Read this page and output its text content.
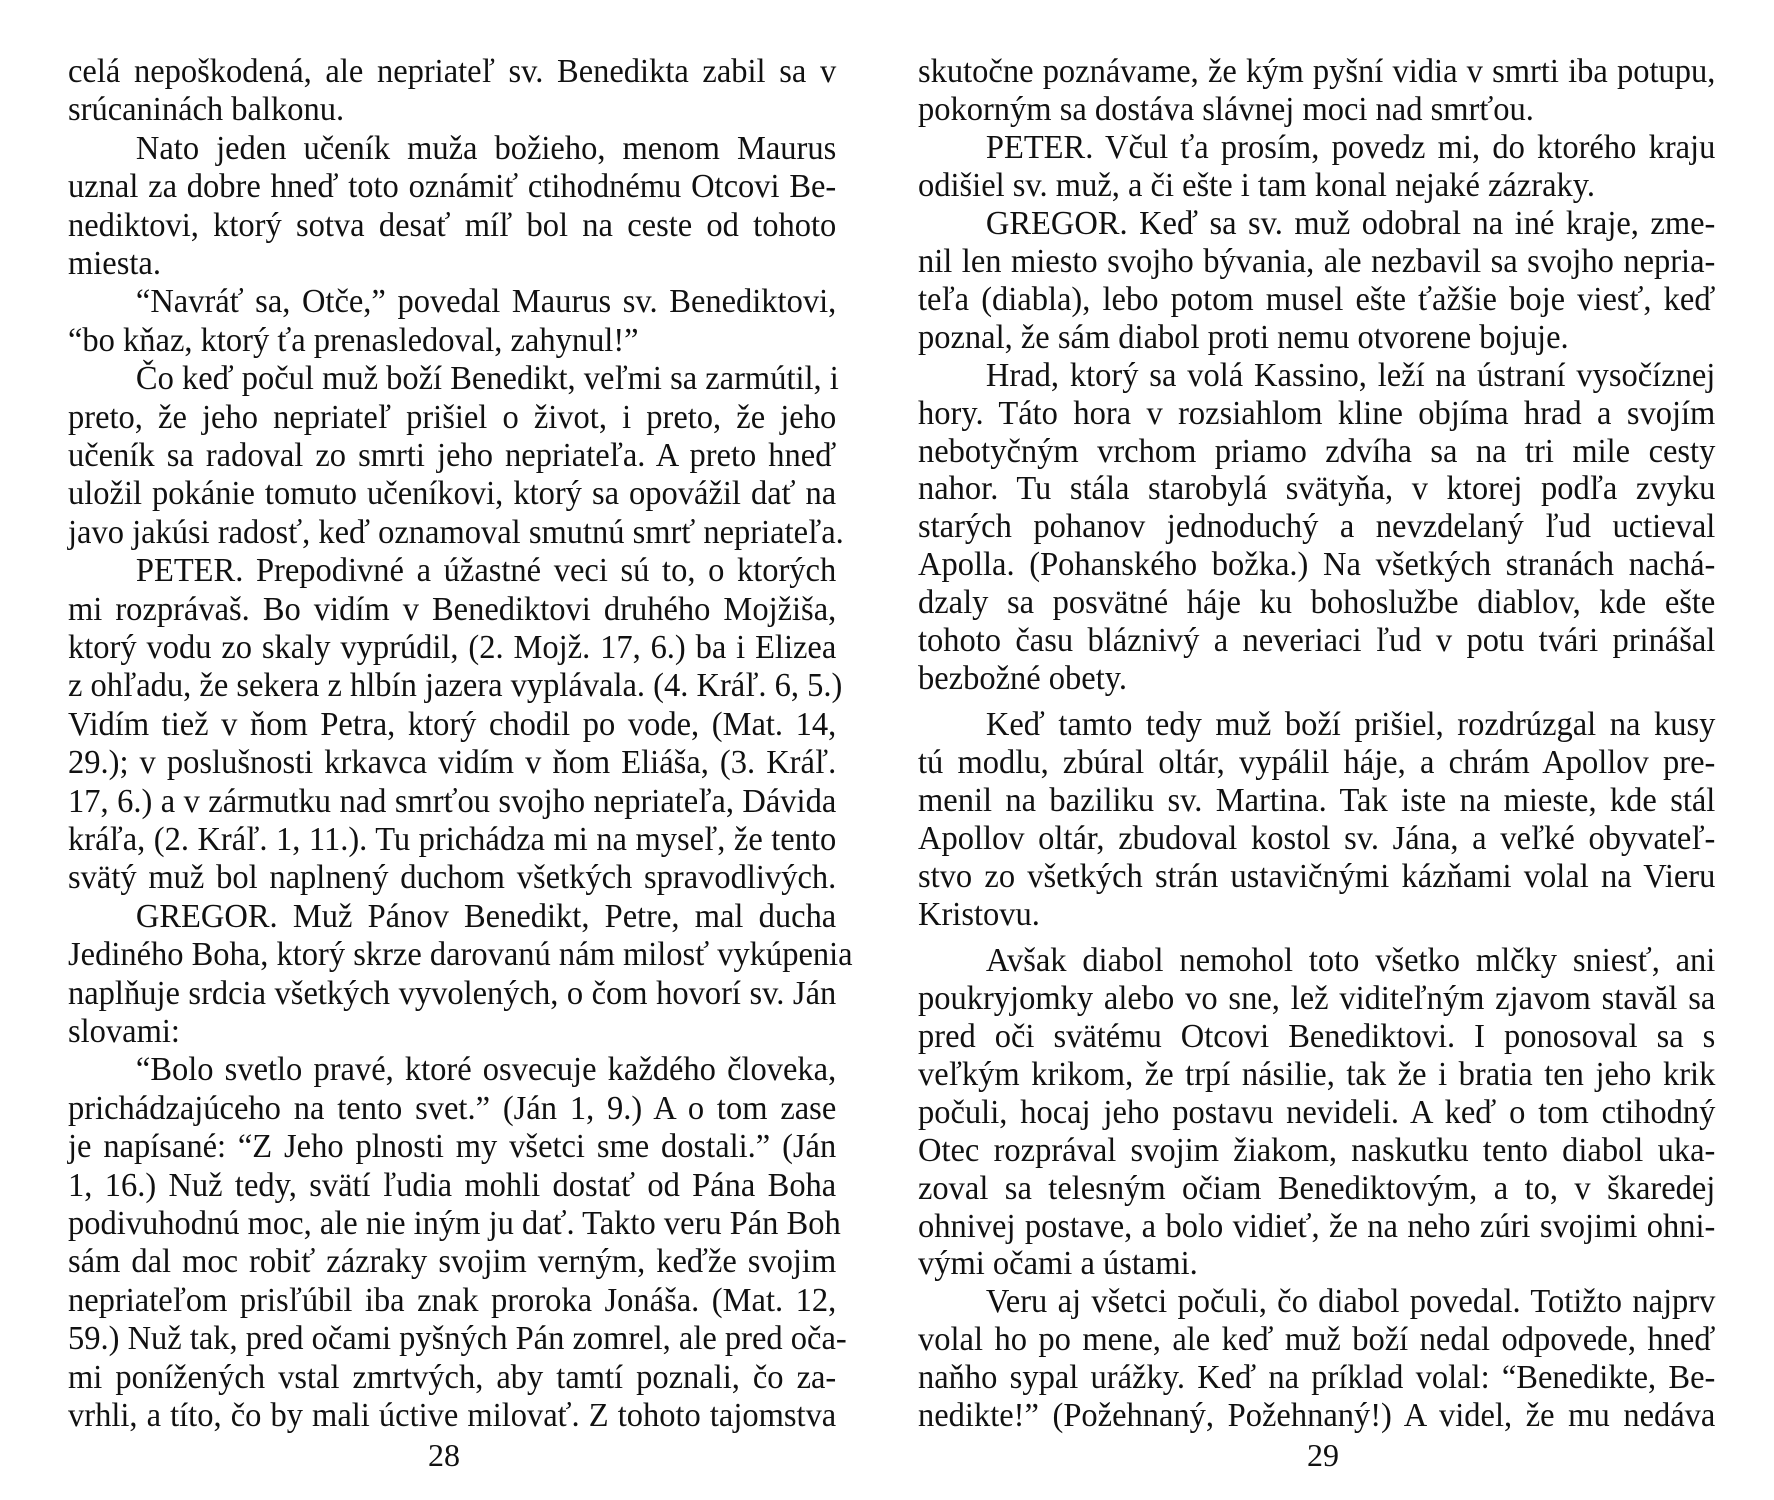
celá nepoškodená, ale nepriateľ sv. Benedikta zabil sa v
srúcaninách balkonu.
Nato jeden učeník muža božieho, menom Maurus
uznal za dobre hneď toto oznámiť ctihodnému Otcovi Be-
nediktovi, ktorý sotva desať míľ bol na ceste od tohoto
miesta.
“Navráť sa, Otče,” povedal Maurus sv. Benediktovi,
“bo kňaz, ktorý ťa prenasledoval, zahynul!”
Čo keď počul muž boží Benedikt, veľmi sa zarmútil, i
preto, že jeho nepriateľ prišiel o život, i preto, že jeho
učeník sa radoval zo smrti jeho nepriateľa. A preto hneď
uložil pokánie tomuto učeníkovi, ktorý sa opovážil dať na
javo jakúsi radosť, keď oznamoval smutnú smrť nepriateľa.
PETER. Prepodivné a úžastné veci sú to, o ktorých
mi rozprávaš. Bo vidím v Benediktovi druhého Mojžiša,
ktorý vodu zo skaly vyprúdil, (2. Mojž. 17, 6.) ba i Elizea
z ohľadu, že sekera z hlbín jazera vyplávala. (4. Kráľ. 6, 5.)
Vidím tiež v ňom Petra, ktorý chodil po vode, (Mat. 14,
29.); v poslušnosti krkavca vidím v ňom Eliáša, (3. Kráľ.
17, 6.) a v zármutku nad smrťou svojho nepriateľa, Dávida
kráľa, (2. Kráľ. 1, 11.). Tu prichádza mi na myseľ, že tento
svätý muž bol naplnený duchom všetkých spravodlivých.
GREGOR. Muž Pánov Benedikt, Petre, mal ducha
Jediného Boha, ktorý skrze darovanú nám milosť vykúpenia
naplňuje srdcia všetkých vyvolených, o čom hovorí sv. Ján
slovami:
“Bolo svetlo pravé, ktoré osvecuje každého človeka,
prichádzajúceho na tento svet.” (Ján 1, 9.) A o tom zase
je napísané: “Z Jeho plnosti my všetci sme dostali.” (Ján
1, 16.) Nuž tedy, svätí ľudia mohli dostať od Pána Boha
podivuhodnú moc, ale nie iným ju dať. Takto veru Pán Boh
sám dal moc robiť zázraky svojim verným, keďže svojim
nepriateľom prisľúbil iba znak proroka Jonáša. (Mat. 12,
59.) Nuž tak, pred očami pyšných Pán zomrel, ale pred oča-
mi ponížených vstal zmrtvých, aby tamtí poznali, čo za-
vrhli, a títo, čo by mali úctive milovať. Z tohoto tajomstva
28
skutočne poznávame, že kým pyšní vidia v smrti iba potupu,
pokorným sa dostáva slávnej moci nad smrťou.
PETER. Včul ťa prosím, povedz mi, do ktorého kraju
odišiel sv. muž, a či ešte i tam konal nejaké zázraky.
GREGOR. Keď sa sv. muž odobral na iné kraje, zme-
nil len miesto svojho bývania, ale nezbavil sa svojho nepria-
teľa (diabla), lebo potom musel ešte ťažšie boje viesť, keď
poznal, že sám diabol proti nemu otvorene bojuje.
Hrad, ktorý sa volá Kassino, leží na ústraní vysočíznej
hory. Táto hora v rozsiahlom kline objíma hrad a svojím
nebotyčným vrchom priamo zdvíha sa na tri mile cesty
nahor. Tu stála starobylá svätyňa, v ktorej podľa zvyku
starých pohanov jednoduchý a nevzdelaný ľud uctieval
Apolla. (Pohanského božka.) Na všetkých stranách nachá-
dzaly sa posvätné háje ku bohoslužbe diablov, kde ešte
tohoto času bláznivý a neveriaci ľud v potu tvári prinášal
bezbožné obety.
Keď tamto tedy muž boží prišiel, rozdrúzgal na kusy
tú modlu, zbúral oltár, vypálil háje, a chrám Apollov pre-
menil na baziliku sv. Martina. Tak iste na mieste, kde stál
Apollov oltár, zbudoval kostol sv. Jána, a veľké obyvateľ-
stvo zo všetkých strán ustavičnými kázňami volal na Vieru
Kristovu.
Avšak diabol nemohol toto všetko mlčky sniesť, ani
poukryjomky alebo vo sne, lež viditeľným zjavom stavăl sa
pred oči svätému Otcovi Benediktovi. I ponosoval sa s
veľkým krikom, že trpí násilie, tak že i bratia ten jeho krik
počuli, hocaj jeho postavu nevideli. A keď o tom ctihodný
Otec rozprával svojim žiakom, naskutku tento diabol uka-
zoval sa telesným očiam Benediktovým, a to, v škaredej
ohnivej postave, a bolo vidieť, že na neho zúri svojimi ohni-
vými očami a ústami.
Veru aj všetci počuli, čo diabol povedal. Totižto najprv
volal ho po mene, ale keď muž boží nedal odpovede, hneď
naňho sypal urážky. Keď na príklad volal: “Benedikte, Be-
nedikte!” (Požehnaný, Požehnaný!) A videl, že mu nedáva
29
